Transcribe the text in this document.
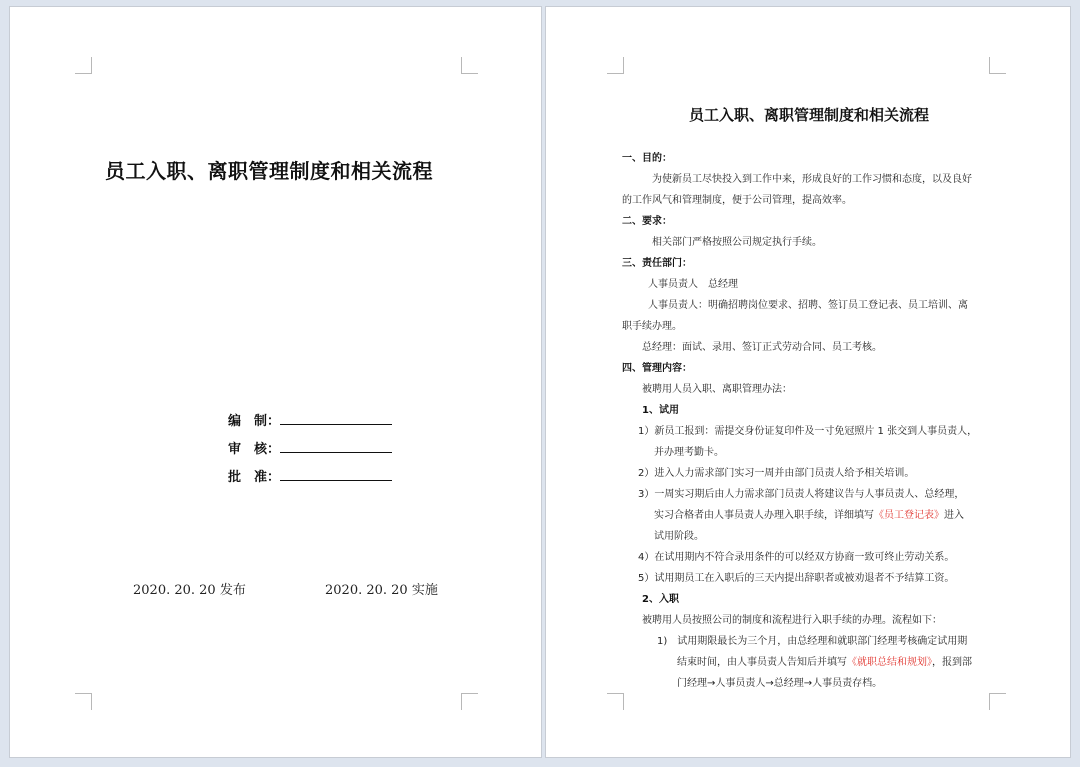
员工入职、离职管理制度和相关流程
编　制：
审　核：
批　准：
2020. 20. 20 发布	2020. 20. 20 实施
员工入职、离职管理制度和相关流程
一、目的：
为使新员工尽快投入到工作中来，形成良好的工作习惯和态度，以及良好
的工作风气和管理制度，便于公司管理，提高效率。
二、要求：
相关部门严格按照公司规定执行手续。
三、责任部门：
人事员责人　总经理
人事员责人：明确招聘岗位要求、招聘、签订员工登记表、员工培训、离
职手续办理。
总经理：面试、录用、签订正式劳动合同、员工考核。
四、管理内容：
被聘用人员入职、离职管理办法：
1、试用
1）新员工报到：需提交身份证复印件及一寸免冠照片 1 张交到人事员责人，
并办理考勤卡。
2）进入人力需求部门实习一周并由部门员责人给予相关培训。
3）一周实习期后由人力需求部门员责人将建议告与人事员责人、总经理，
实习合格者由人事员责人办理入职手续，详细填写《员工登记表》进入
试用阶段。
4）在试用期内不符合录用条件的可以经双方协商一致可终止劳动关系。
5）试用期员工在入职后的三天内提出辞职者或被劝退者不予结算工资。
2、入职
被聘用人员按照公司的制度和流程进行入职手续的办理。流程如下：
1)　试用期限最长为三个月，由总经理和就职部门经理考核确定试用期
结束时间，由人事员责人告知后并填写《就职总结和规划》，报到部
门经理→人事员责人→总经理→人事员责存档。
